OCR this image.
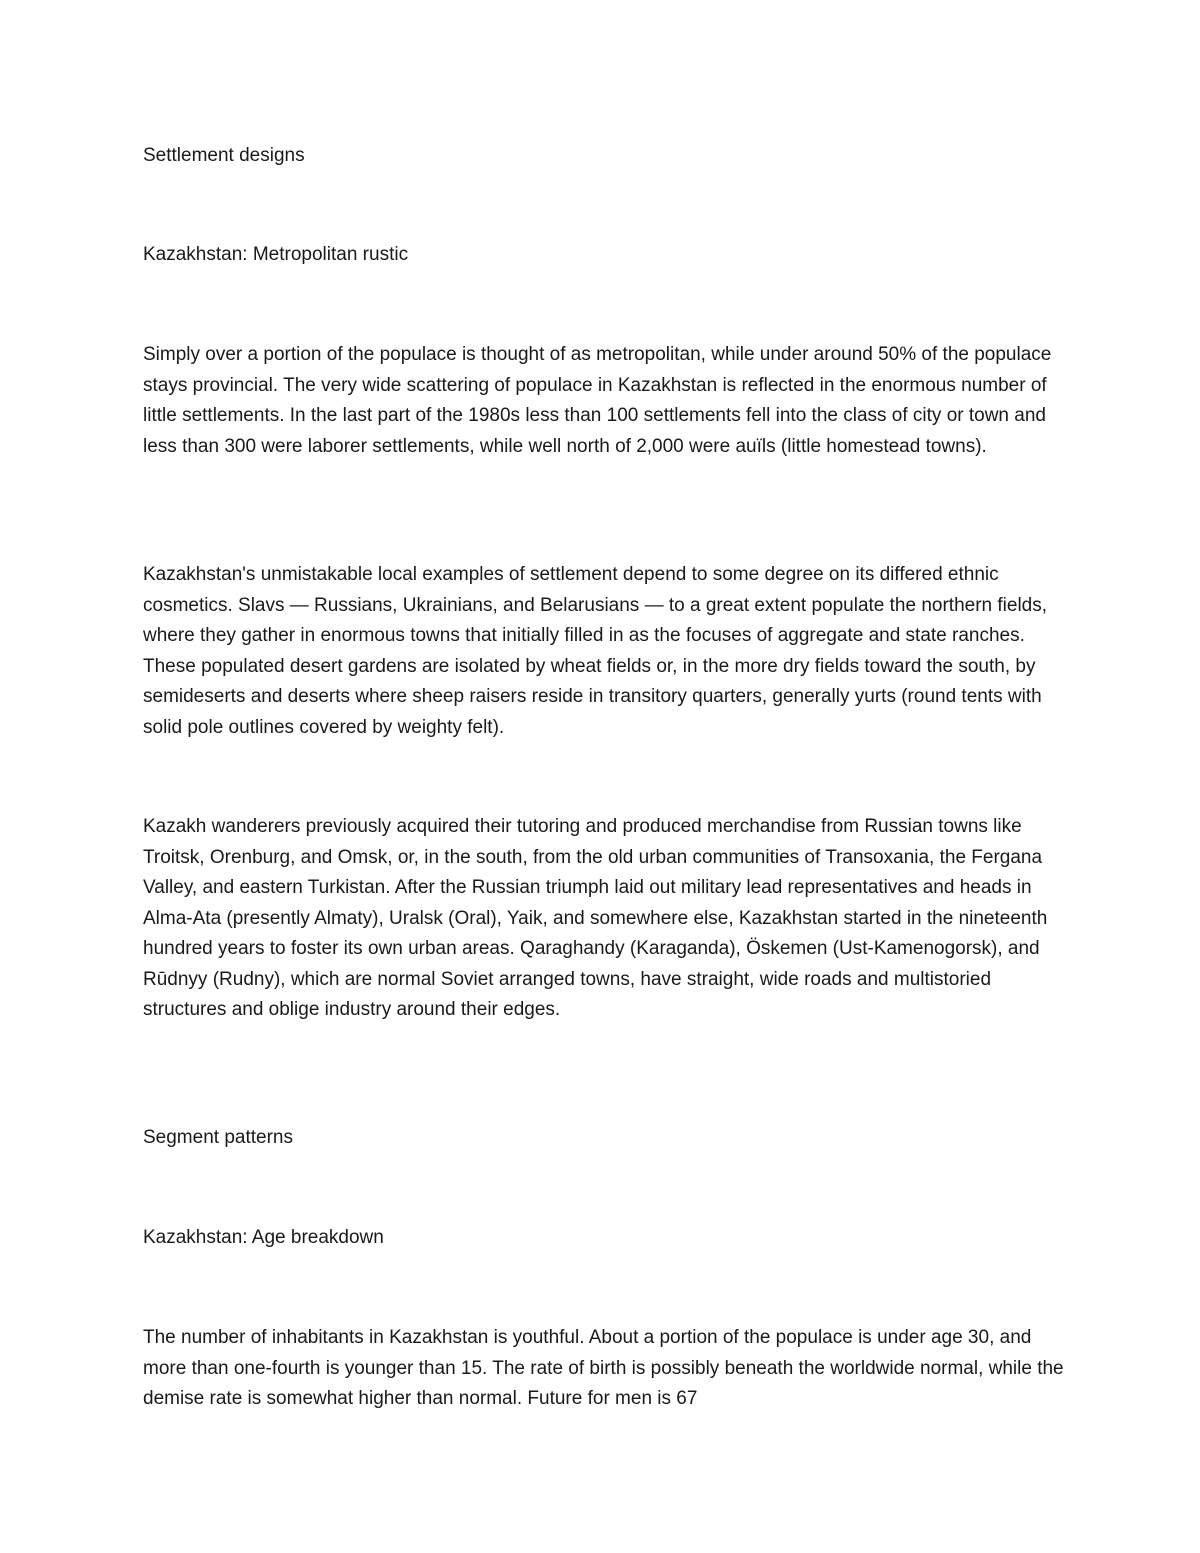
Settlement designs

Kazakhstan: Metropolitan rustic

Simply over a portion of the populace is thought of as metropolitan, while under around 50% of the populace stays provincial. The very wide scattering of populace in Kazakhstan is reflected in the enormous number of little settlements. In the last part of the 1980s less than 100 settlements fell into the class of city or town and less than 300 were laborer settlements, while well north of 2,000 were auïls (little homestead towns).

Kazakhstan's unmistakable local examples of settlement depend to some degree on its differed ethnic cosmetics. Slavs — Russians, Ukrainians, and Belarusians — to a great extent populate the northern fields, where they gather in enormous towns that initially filled in as the focuses of aggregate and state ranches. These populated desert gardens are isolated by wheat fields or, in the more dry fields toward the south, by semideserts and deserts where sheep raisers reside in transitory quarters, generally yurts (round tents with solid pole outlines covered by weighty felt).

Kazakh wanderers previously acquired their tutoring and produced merchandise from Russian towns like Troitsk, Orenburg, and Omsk, or, in the south, from the old urban communities of Transoxania, the Fergana Valley, and eastern Turkistan. After the Russian triumph laid out military lead representatives and heads in Alma-Ata (presently Almaty), Uralsk (Oral), Yaik, and somewhere else, Kazakhstan started in the nineteenth hundred years to foster its own urban areas. Qaraghandy (Karaganda), Öskemen (Ust-Kamenogorsk), and Rūdnyy (Rudny), which are normal Soviet arranged towns, have straight, wide roads and multistoried structures and oblige industry around their edges.

Segment patterns

Kazakhstan: Age breakdown

The number of inhabitants in Kazakhstan is youthful. About a portion of the populace is under age 30, and more than one-fourth is younger than 15. The rate of birth is possibly beneath the worldwide normal, while the demise rate is somewhat higher than normal. Future for men is 67
